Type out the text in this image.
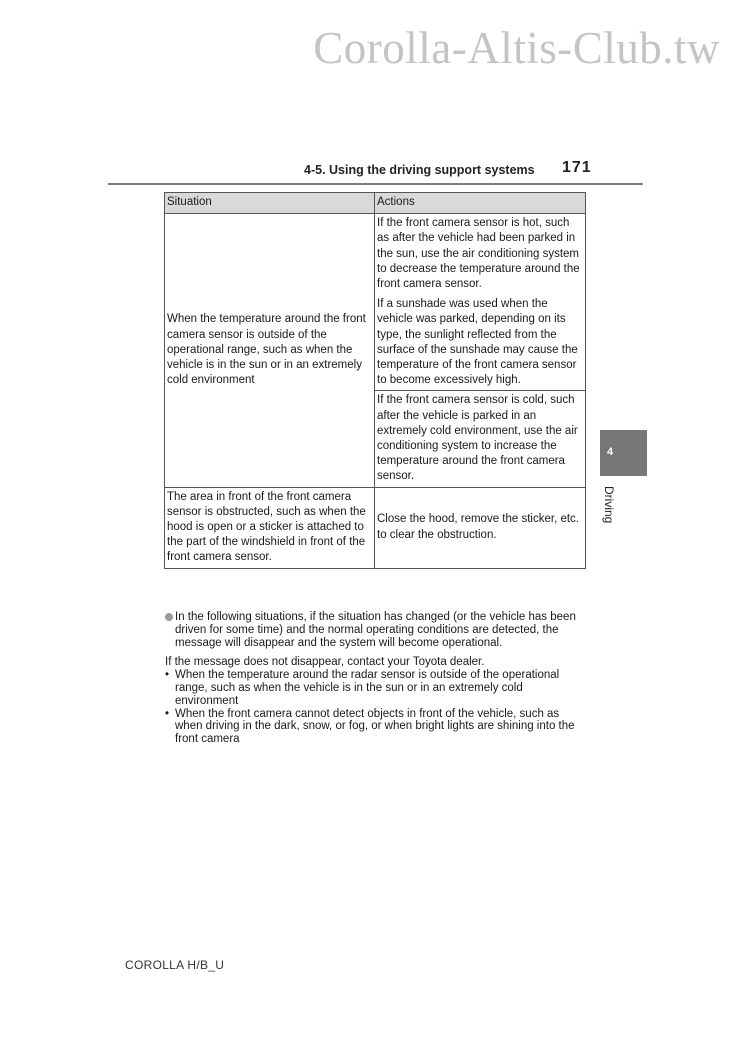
Corolla-Altis-Club.tw
4-5. Using the driving support systems 171
Situation	Actions
When the temperature around the front camera sensor is outside of the operational range, such as when the vehicle is in the sun or in an extremely cold environment	If the front camera sensor is hot, such as after the vehicle had been parked in the sun, use the air conditioning system to decrease the temperature around the front camera sensor.
If a sunshade was used when the vehicle was parked, depending on its type, the sunlight reflected from the surface of the sunshade may cause the temperature of the front camera sensor to become excessively high.

	If the front camera sensor is cold, such after the vehicle is parked in an extremely cold environment, use the air conditioning system to increase the temperature around the front camera sensor.

The area in front of the front camera sensor is obstructed, such as when the hood is open or a sticker is attached to the part of the windshield in front of the front camera sensor.	Close the hood, remove the sticker, etc. to clear the obstruction.
In the following situations, if the situation has changed (or the vehicle has been driven for some time) and the normal operating conditions are detected, the message will disappear and the system will become operational.
If the message does not disappear, contact your Toyota dealer.
• When the temperature around the radar sensor is outside of the operational range, such as when the vehicle is in the sun or in an extremely cold environment
• When the front camera cannot detect objects in front of the vehicle, such as when driving in the dark, snow, or fog, or when bright lights are shining into the front camera
4
Driving
COROLLA H/B_U
